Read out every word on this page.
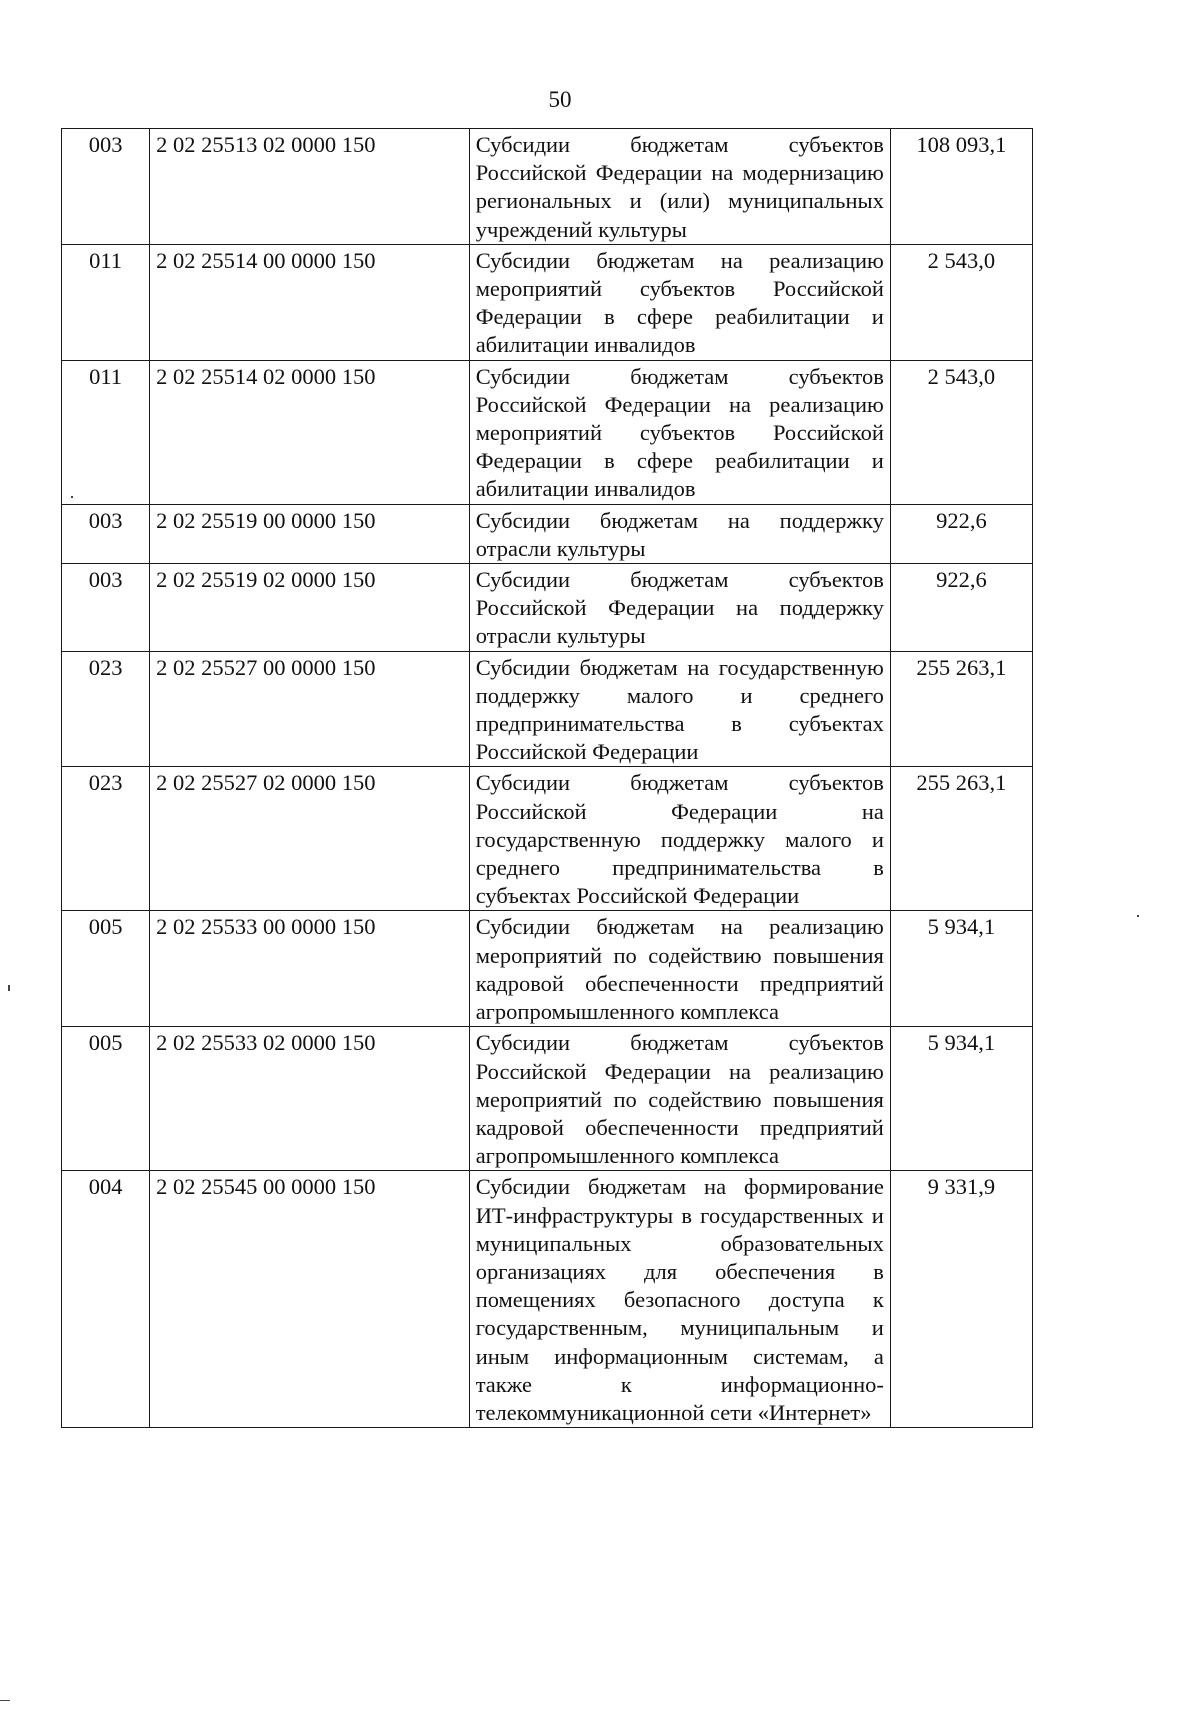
50
003	2 02 25513 02 0000 150	Субсидии бюджетам субъектов Российской Федерации на модернизацию региональных и (или) муниципальных учреждений культуры	108 093,1
011	2 02 25514 00 0000 150	Субсидии бюджетам на реализацию мероприятий субъектов Российской Федерации в сфере реабилитации и абилитации инвалидов	2 543,0
011	2 02 25514 02 0000 150	Субсидии бюджетам субъектов Российской Федерации на реализацию мероприятий субъектов Российской Федерации в сфере реабилитации и абилитации инвалидов	2 543,0
003	2 02 25519 00 0000 150	Субсидии бюджетам на поддержку отрасли культуры	922,6
003	2 02 25519 02 0000 150	Субсидии бюджетам субъектов Российской Федерации на поддержку отрасли культуры	922,6
023	2 02 25527 00 0000 150	Субсидии бюджетам на государственную поддержку малого и среднего предпринимательства в субъектах Российской Федерации	255 263,1
023	2 02 25527 02 0000 150	Субсидии бюджетам субъектов Российской Федерации на государственную поддержку малого и среднего предпринимательства в субъектах Российской Федерации	255 263,1
005	2 02 25533 00 0000 150	Субсидии бюджетам на реализацию мероприятий по содействию повышения кадровой обеспеченности предприятий агропромышленного комплекса	5 934,1
005	2 02 25533 02 0000 150	Субсидии бюджетам субъектов Российской Федерации на реализацию мероприятий по содействию повышения кадровой обеспеченности предприятий агропромышленного комплекса	5 934,1
004	2 02 25545 00 0000 150	Субсидии бюджетам на формирование ИТ-инфраструктуры в государственных и муниципальных образовательных организациях для обеспечения в помещениях безопасного доступа к государственным, муниципальным и иным информационным системам, а также к информационно-телекоммуникационной сети «Интернет»	9 331,9
